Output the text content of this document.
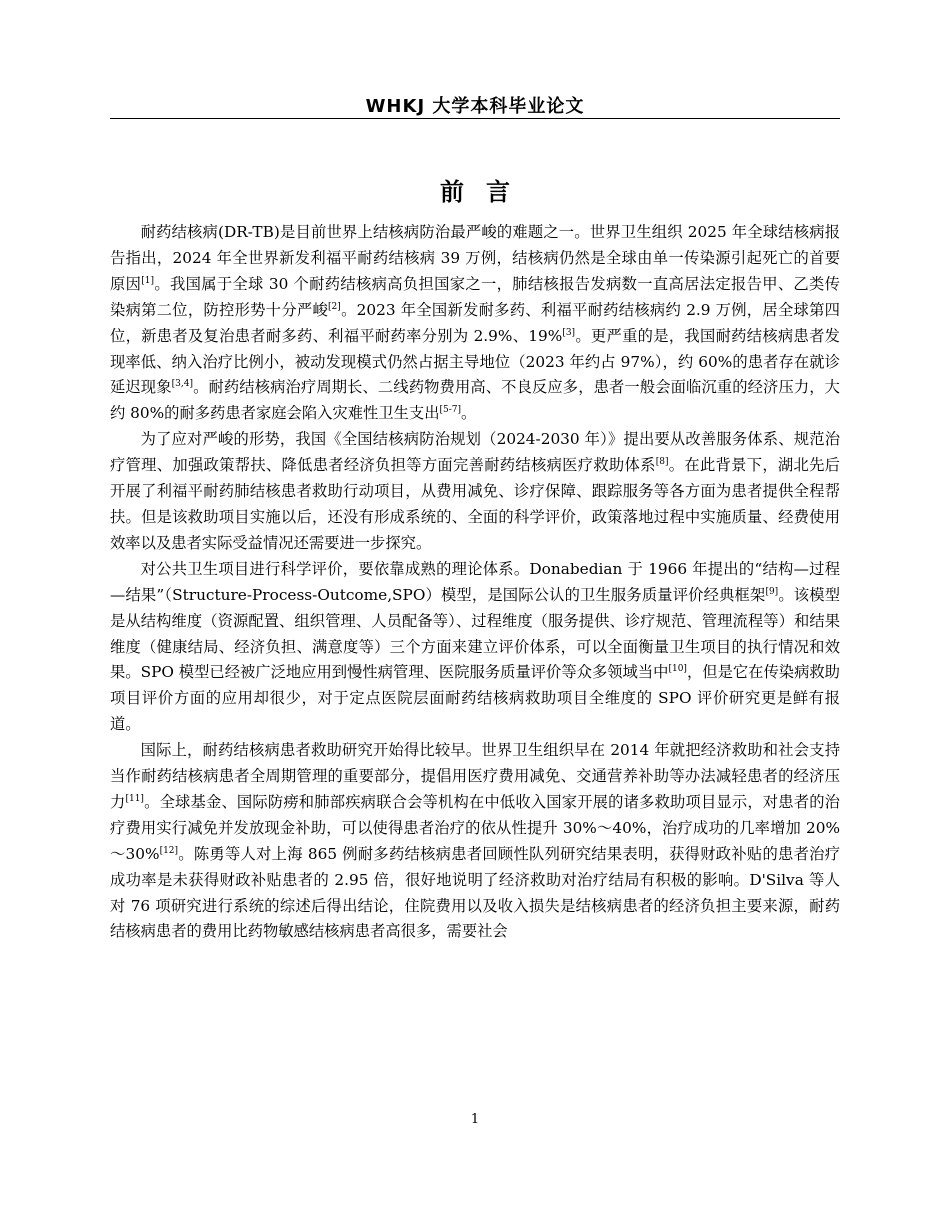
WHKJ 大学本科毕业论文
前言

耐药结核病(DR-TB)是目前世界上结核病防治最严峻的难题之一。世界卫生组织 2025 年全球结核病报告指出，2024 年全世界新发利福平耐药结核病 39 万例，结核病仍然是全球由单一传染源引起死亡的首要原因[1]。我国属于全球 30 个耐药结核病高负担国家之一，肺结核报告发病数一直高居法定报告甲、乙类传染病第二位，防控形势十分严峻[2]。2023 年全国新发耐多药、利福平耐药结核病约 2.9 万例，居全球第四位，新患者及复治患者耐多药、利福平耐药率分别为 2.9%、19%[3]。更严重的是，我国耐药结核病患者发现率低、纳入治疗比例小，被动发现模式仍然占据主导地位（2023 年约占 97%），约 60%的患者存在就诊延迟现象[3,4]。耐药结核病治疗周期长、二线药物费用高、不良反应多，患者一般会面临沉重的经济压力，大约 80%的耐多药患者家庭会陷入灾难性卫生支出[5-7]。

为了应对严峻的形势，我国《全国结核病防治规划（2024-2030 年）》提出要从改善服务体系、规范治疗管理、加强政策帮扶、降低患者经济负担等方面完善耐药结核病医疗救助体系[8]。在此背景下，湖北先后开展了利福平耐药肺结核患者救助行动项目，从费用减免、诊疗保障、跟踪服务等各方面为患者提供全程帮扶。但是该救助项目实施以后，还没有形成系统的、全面的科学评价，政策落地过程中实施质量、经费使用效率以及患者实际受益情况还需要进一步探究。

对公共卫生项目进行科学评价，要依靠成熟的理论体系。Donabedian 于 1966 年提出的“结构—过程—结果”（Structure-Process-Outcome,SPO）模型，是国际公认的卫生服务质量评价经典框架[9]。该模型是从结构维度（资源配置、组织管理、人员配备等）、过程维度（服务提供、诊疗规范、管理流程等）和结果维度（健康结局、经济负担、满意度等）三个方面来建立评价体系，可以全面衡量卫生项目的执行情况和效果。SPO 模型已经被广泛地应用到慢性病管理、医院服务质量评价等众多领域当中[10]，但是它在传染病救助项目评价方面的应用却很少，对于定点医院层面耐药结核病救助项目全维度的 SPO 评价研究更是鲜有报道。

国际上，耐药结核病患者救助研究开始得比较早。世界卫生组织早在 2014 年就把经济救助和社会支持当作耐药结核病患者全周期管理的重要部分，提倡用医疗费用减免、交通营养补助等办法减轻患者的经济压力[11]。全球基金、国际防痨和肺部疾病联合会等机构在中低收入国家开展的诸多救助项目显示，对患者的治疗费用实行减免并发放现金补助，可以使得患者治疗的依从性提升 30%～40%，治疗成功的几率增加 20%～30%[12]。陈勇等人对上海 865 例耐多药结核病患者回顾性队列研究结果表明，获得财政补贴的患者治疗成功率是未获得财政补贴患者的 2.95 倍，很好地说明了经济救助对治疗结局有积极的影响。D'Silva 等人对 76 项研究进行系统的综述后得出结论，住院费用以及收入损失是结核病患者的经济负担主要来源，耐药结核病患者的费用比药物敏感结核病患者高很多，需要社会

1
